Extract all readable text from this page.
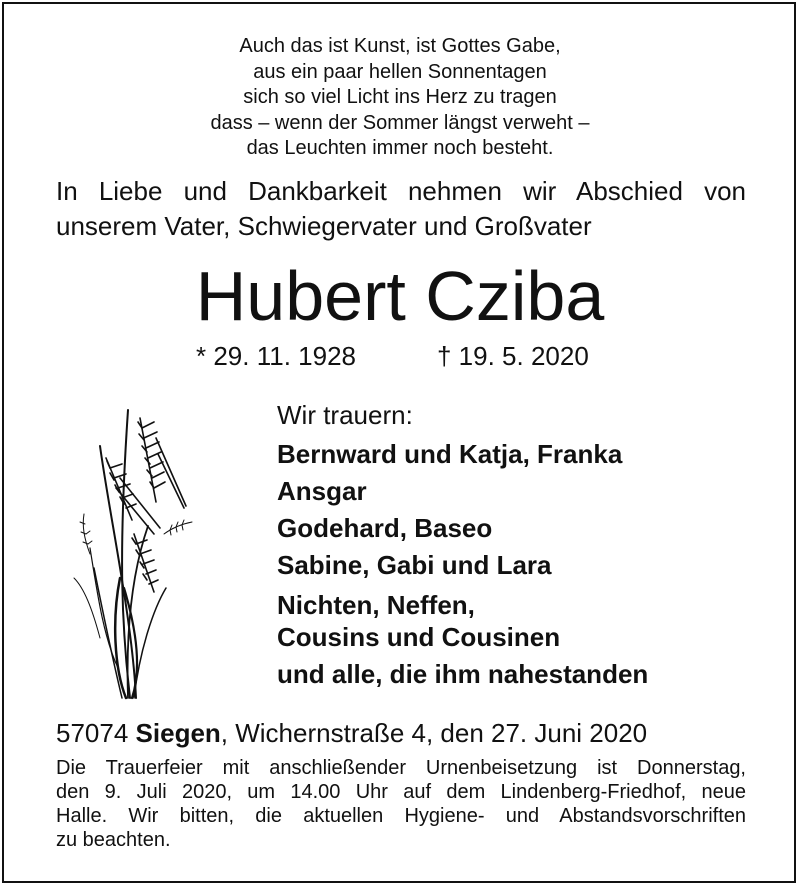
Auch das ist Kunst, ist Gottes Gabe,
aus ein paar hellen Sonnentagen
sich so viel Licht ins Herz zu tragen
dass – wenn der Sommer längst verweht –
das Leuchten immer noch besteht.
In Liebe und Dankbarkeit nehmen wir Abschied von
unserem Vater, Schwiegervater und Großvater
Hubert Cziba
* 29. 11. 1928	† 19. 5. 2020
Wir trauern:
Bernward und Katja, Franka
Ansgar
Godehard, Baseo
Sabine, Gabi und Lara
Nichten, Neffen,
Cousins und Cousinen
und alle, die ihm nahestanden
57074 Siegen, Wichernstraße 4, den 27. Juni 2020
Die Trauerfeier mit anschließender Urnenbeisetzung ist Donnerstag,
den 9. Juli 2020, um 14.00 Uhr auf dem Lindenberg-Friedhof, neue
Halle. Wir bitten, die aktuellen Hygiene- und Abstandsvorschriften
zu beachten.
